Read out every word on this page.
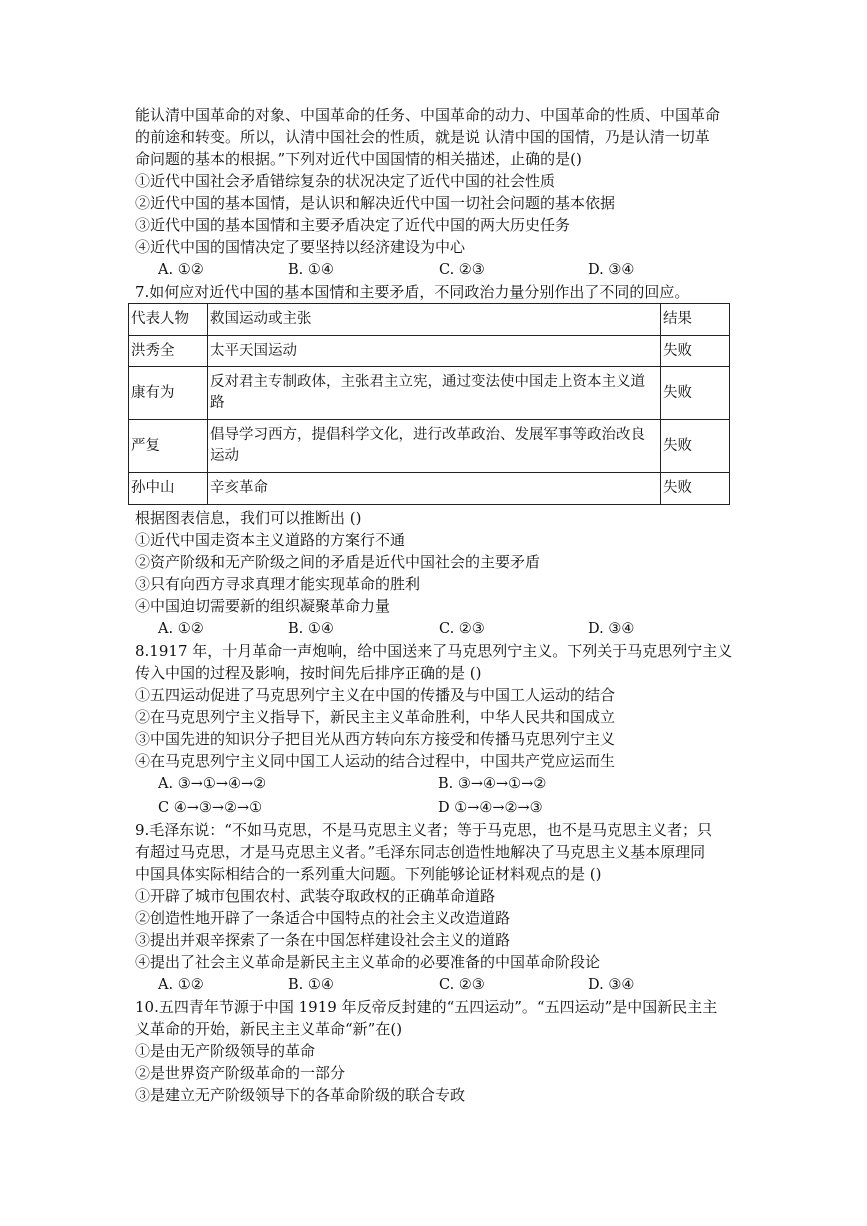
能认清中国革命的对象、中国革命的任务、中国革命的动力、中国革命的性质、中国革命
的前途和转变。所以，认清中国社会的性质，就是说 认清中国的国情，乃是认清一切革
命问题的基本的根据。”下列对近代中国国情的相关描述，止确的是()
①近代中国社会矛盾错综复杂的状况决定了近代中国的社会性质
②近代中国的基本国情，是认识和解决近代中国一切社会问题的基本依据
③近代中国的基本国情和主要矛盾决定了近代中国的两大历史任务
④近代中国的国情决定了要坚持以经济建设为中心
A. ①②	B. ①④	C. ②③	D. ③④
7.如何应对近代中国的基本国情和主要矛盾，不同政治力量分别作出了不同的回应。
代表人物	救国运动或主张	结果
洪秀全	太平天国运动	失败
康有为	反对君主专制政体，主张君主立宪，通过变法使中国走上资本主义道路	失败
严复	倡导学习西方，提倡科学文化，进行改革政治、发展军事等政治改良运动	失败
孙中山	辛亥革命	失败
根据图表信息，我们可以推断出 ()
①近代中国走资本主义道路的方案行不通
②资产阶级和无产阶级之间的矛盾是近代中国社会的主要矛盾
③只有向西方寻求真理才能实现革命的胜利
④中国迫切需要新的组织凝聚革命力量
A. ①②	B. ①④	C. ②③	D. ③④
8.1917 年，十月革命一声炮响，给中国送来了马克思列宁主义。下列关于马克思列宁主义
传入中国的过程及影响，按时间先后排序正确的是 ()
①五四运动促进了马克思列宁主义在中国的传播及与中国工人运动的结合
②在马克思列宁主义指导下，新民主主义革命胜利，中华人民共和国成立
③中国先进的知识分子把目光从西方转向东方接受和传播马克思列宁主义
④在马克思列宁主义同中国工人运动的结合过程中，中国共产党应运而生
A. ③→①→④→②	B. ③→④→①→②
C ④→③→②→①	D ①→④→②→③
9.毛泽东说：“不如马克思，不是马克思主义者；等于马克思，也不是马克思主义者；只
有超过马克思，才是马克思主义者。”毛泽东同志创造性地解决了马克思主义基本原理同
中国具体实际相结合的一系列重大问题。下列能够论证材料观点的是 ()
①开辟了城市包围农村、武装夺取政权的正确革命道路
②创造性地开辟了一条适合中国特点的社会主义改造道路
③提出并艰辛探索了一条在中国怎样建设社会主义的道路
④提出了社会主义革命是新民主主义革命的必要准备的中国革命阶段论
A. ①②	B. ①④	C. ②③	D. ③④
10.五四青年节源于中国 1919 年反帝反封建的“五四运动”。“五四运动”是中国新民主主
义革命的开始，新民主主义革命“新”在()
①是由无产阶级领导的革命
②是世界资产阶级革命的一部分
③是建立无产阶级领导下的各革命阶级的联合专政
